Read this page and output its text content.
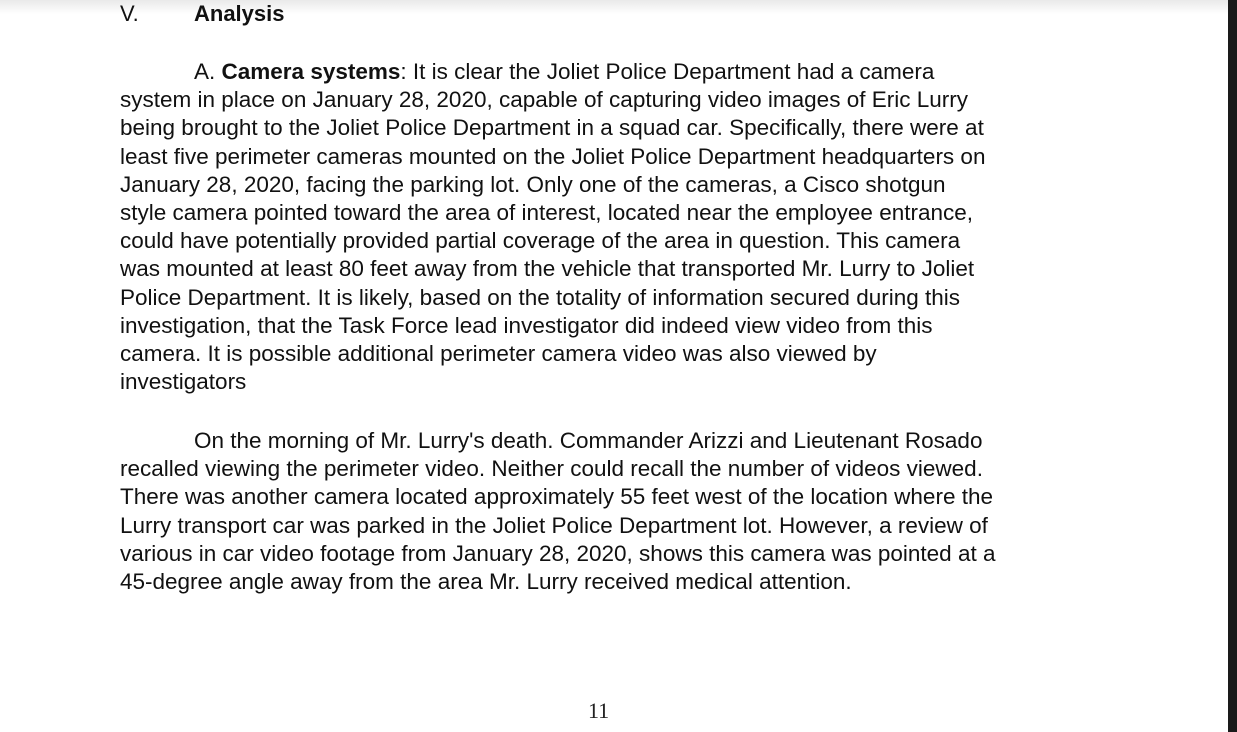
V.	Analysis
A. Camera systems: It is clear the Joliet Police Department had a camera
system in place on January 28, 2020, capable of capturing video images of Eric Lurry
being brought to the Joliet Police Department in a squad car. Specifically, there were at
least five perimeter cameras mounted on the Joliet Police Department headquarters on
January 28, 2020, facing the parking lot. Only one of the cameras, a Cisco shotgun
style camera pointed toward the area of interest, located near the employee entrance,
could have potentially provided partial coverage of the area in question. This camera
was mounted at least 80 feet away from the vehicle that transported Mr. Lurry to Joliet
Police Department. It is likely, based on the totality of information secured during this
investigation, that the Task Force lead investigator did indeed view video from this
camera. It is possible additional perimeter camera video was also viewed by
investigators
On the morning of Mr. Lurry's death. Commander Arizzi and Lieutenant Rosado
recalled viewing the perimeter video. Neither could recall the number of videos viewed.
There was another camera located approximately 55 feet west of the location where the
Lurry transport car was parked in the Joliet Police Department lot. However, a review of
various in car video footage from January 28, 2020, shows this camera was pointed at a
45-degree angle away from the area Mr. Lurry received medical attention.
11
